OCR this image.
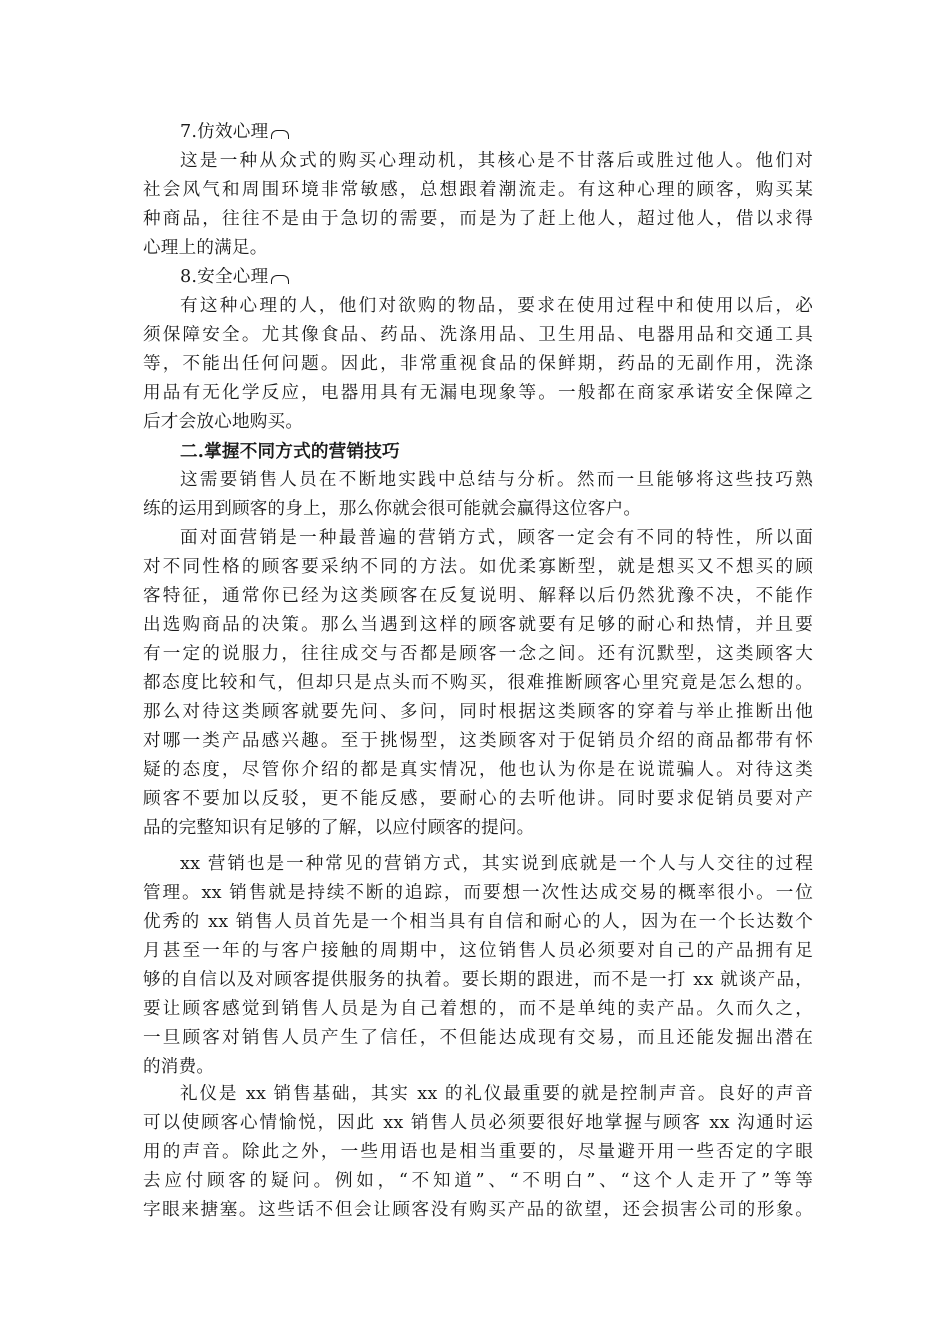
7.仿效心理
这是一种从众式的购买心理动机，其核心是不甘落后或胜过他人。他们对
社会风气和周围环境非常敏感，总想跟着潮流走。有这种心理的顾客，购买某
种商品，往往不是由于急切的需要，而是为了赶上他人，超过他人，借以求得
心理上的满足。
8.安全心理
有这种心理的人，他们对欲购的物品，要求在使用过程中和使用以后，必
须保障安全。尤其像食品、药品、洗涤用品、卫生用品、电器用品和交通工具
等，不能出任何问题。因此，非常重视食品的保鲜期，药品的无副作用，洗涤
用品有无化学反应，电器用具有无漏电现象等。一般都在商家承诺安全保障之
后才会放心地购买。
二.掌握不同方式的营销技巧
这需要销售人员在不断地实践中总结与分析。然而一旦能够将这些技巧熟
练的运用到顾客的身上，那么你就会很可能就会赢得这位客户。
面对面营销是一种最普遍的营销方式，顾客一定会有不同的特性，所以面
对不同性格的顾客要采纳不同的方法。如优柔寡断型，就是想买又不想买的顾
客特征，通常你已经为这类顾客在反复说明、解释以后仍然犹豫不决，不能作
出选购商品的决策。那么当遇到这样的顾客就要有足够的耐心和热情，并且要
有一定的说服力，往往成交与否都是顾客一念之间。还有沉默型，这类顾客大
都态度比较和气，但却只是点头而不购买，很难推断顾客心里究竟是怎么想的。
那么对待这类顾客就要先问、多问，同时根据这类顾客的穿着与举止推断出他
对哪一类产品感兴趣。至于挑惕型，这类顾客对于促销员介绍的商品都带有怀
疑的态度，尽管你介绍的都是真实情况，他也认为你是在说谎骗人。对待这类
顾客不要加以反驳，更不能反感，要耐心的去听他讲。同时要求促销员要对产
品的完整知识有足够的了解，以应付顾客的提问。
xx 营销也是一种常见的营销方式，其实说到底就是一个人与人交往的过程
管理。xx 销售就是持续不断的追踪，而要想一次性达成交易的概率很小。一位
优秀的 xx 销售人员首先是一个相当具有自信和耐心的人，因为在一个长达数个
月甚至一年的与客户接触的周期中，这位销售人员必须要对自己的产品拥有足
够的自信以及对顾客提供服务的执着。要长期的跟进，而不是一打 xx 就谈产品，
要让顾客感觉到销售人员是为自己着想的，而不是单纯的卖产品。久而久之，
一旦顾客对销售人员产生了信任，不但能达成现有交易，而且还能发掘出潜在
的消费。
礼仪是 xx 销售基础，其实 xx 的礼仪最重要的就是控制声音。良好的声音
可以使顾客心情愉悦，因此 xx 销售人员必须要很好地掌握与顾客 xx 沟通时运
用的声音。除此之外，一些用语也是相当重要的，尽量避开用一些否定的字眼
去应付顾客的疑问。例如，“不知道”、“不明白”、“这个人走开了”等等
字眼来搪塞。这些话不但会让顾客没有购买产品的欲望，还会损害公司的形象。
